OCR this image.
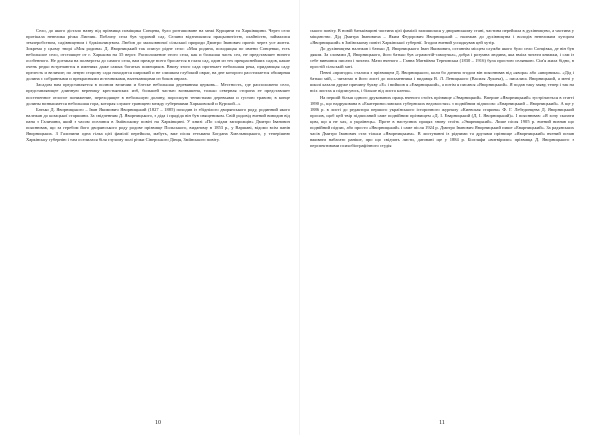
Село, до якого дістало назву від прізвища поміщика Сонцева, було розташоване на межі Курщини та Харківщини. Через село протікала невелика річка Липчик. Поблизу села був чудовий сад. Селяни відзначалися працьовитістю, охайністю, займалися землеробством, садівництвом і бджільництвом. Любов до мальовничої сільської природи Дмитро Іванович проніс через усе життя. Зокрема у цьому творі «Моя родина» Д. Яворницький так описує рідне село: «Моя родина, походящая по имени Сонцевки, есть небольшое село, отстоящее от г. Харькова на 35 верст. Расположение этого села, как и большая часть сел, не представляет ничего особенного. Не доезжая на полверсты до самого села, вам прежде всего бросается в глаза сад, один из тех прекраснейших садов, какие очень редко встречаются в имениях даже самых богатых помещиков. Внизу этого сада протекает небольшая река, придающая саду прелесть и величие; по левую сторону сада находится широкий и не слишком глубокий овраг, на дне которого расстилается обширная долина с собранными и прекрасными источниками, вытекающими из боков оврага.

Засадом вам представляется в полном величии и блеске небольшая деревянная церковь... Местность, где расположено село, представляющее длинную вереницу крестьянских изб, большей частью возвышена, только северная сторона ее представляет постепенное отлогое понижение, переходящее в небольшую долину, поросшую тенистыми деревьями и густою травою; в конце долины возвышается небольшая гора, которая служит границею между губерниями Харьковской и Курской...»

Батько Д. Яворницького – Іван Якимович Яворницький (1827 – 1885) походив із збіднілого дворянського роду, родинний якого належав до козацької старшини. За свідченням Д. Яворницького, з діда і прадіда він був священиком. Свій родовід вчений виводив від пана з Галичини, який з часом оселився в Зміївському повіті на Харківщині. У книзі «По слідам запорожців» Дмитро Іванович пояснював, що за геребом його дворянського роду родове прізвище Польського, виданому в 1853 р., у Варшаві, відомо всім панів Яворницьких. З Галичини одна гілка цієї фамілії перейшла, мабуть, вже після гетьмана Богдана Хмельницького, у теперішню Харківську губернію і там оселилася біля глухому полі річки Сіверського Дінця, Зміївського повіту.

10

ського повіту. В новій батьківщині частина цієї фамілії залишилася у дворянському стані, частина перейшла в духівництво, а частина у міщанство. Дід Дмитра Івановича – Яким Федорович Яворницький – належав до духівництва і володів невеликим хутором «Яворницький» в Зміївському повіті Харківської губернії. Згодом вчений успадкував цей хутір.

До духівництва належав і батько Д. Яворницького Іван Якимович, останнім місцем служби якого було село Сонцівка, де він був дяком. За словами Д. Яворницького, його батько був «грамотій-самоучка», добра і розумна людина, яка вміла читати книжки, і сам із себе вивчився писати і читати. Мати вченого – Ганна Матвіївна Терновська (1830 – 1916) була простою селянкою. Сім'я жила бідно, в простій сільській хаті.

Певні «пригоди» сталися з прізвищем Д. Яворницького, коли бо дитина згодом він пояснював від «явора» або «яворника». «Дід і батько мій, – читаємо в його листі до письменника і видавця В. Л. Леницького (Василя Лукича), – писались Яворницький, а мені у школі казали друже причину букву «Е» і вийшов я «Еварницький», а потім я писався «Яворницький». Я подав таку заяву, тепер і так на всіх листах я підписуюсь, і більше від листа клена».

На першій більш одного друкованих праць вченого стоїть прізвище «Эварницкий». Вперше «Яворницький» зустрічається в статті 1890 р., що надрукована в «Екатеринославских губернских ведомостях» з подвійним підписом: «Еварницький – Яворницький». А ще у 1886 р. в листі до редактора першого українського історичного журналу «Киевская старина» Ф. Г. Лебединцева Д. Яворницький просив, щоб цей твір підписаний саме подвійним прізвищем «Д. І. Еварницький (Д. І. Яворницький)». І пояснював: «Я хочу сказати цим, що я не хах, а українець». Проте в наступних працях знову стоїть «Эварницький». Лише після 1905 р. вчений визнав що подвійний підпис, або просто «Яворницький» і саме після 1924 р. Дмитро Іванович Яворницький пише «Еварницький». За радянських часів Дмитро Іванович стає тільки «Яворницьким». В листуванні із рідними та друзями прізвище «Яворницький» вчений почав вживати набагато раніше, про що свідчать листи, датовані ще у 1884 р. Біогляфи «витвірили» прізвища Д. Яворницького з перспективами психобіографічного студія

11
